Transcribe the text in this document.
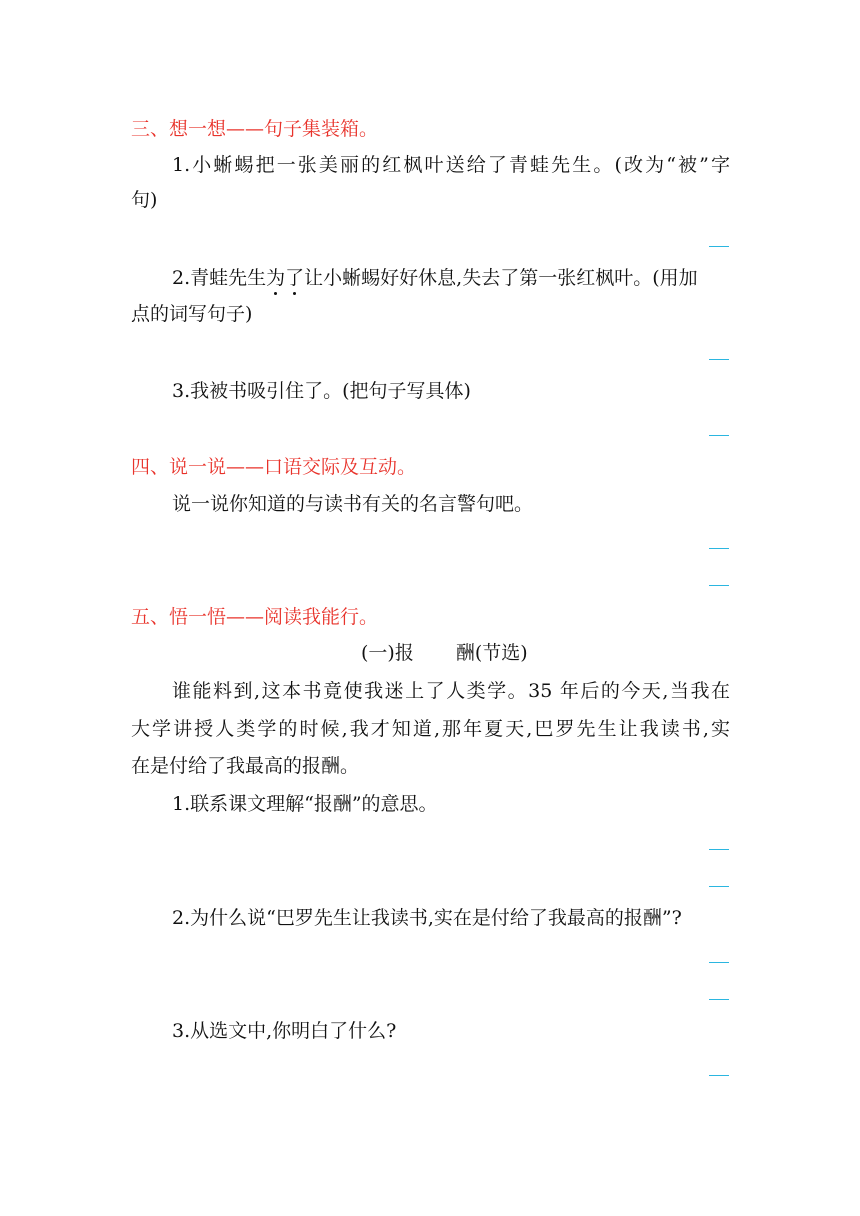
三、想一想——句子集装箱。
1.小蜥蜴把一张美丽的红枫叶送给了青蛙先生。(改为“被”字
句)
2.青蛙先生为了让小蜥蜴好好休息,失去了第一张红枫叶。(用加
点的词写句子)
3.我被书吸引住了。(把句子写具体)
四、说一说——口语交际及互动。
说一说你知道的与读书有关的名言警句吧。
五、悟一悟——阅读我能行。
(一)报 酬(节选)
谁能料到,这本书竟使我迷上了人类学。35 年后的今天,当我在
大学讲授人类学的时候,我才知道,那年夏天,巴罗先生让我读书,实
在是付给了我最高的报酬。
1.联系课文理解“报酬”的意思。
2.为什么说“巴罗先生让我读书,实在是付给了我最高的报酬”?
3.从选文中,你明白了什么?
